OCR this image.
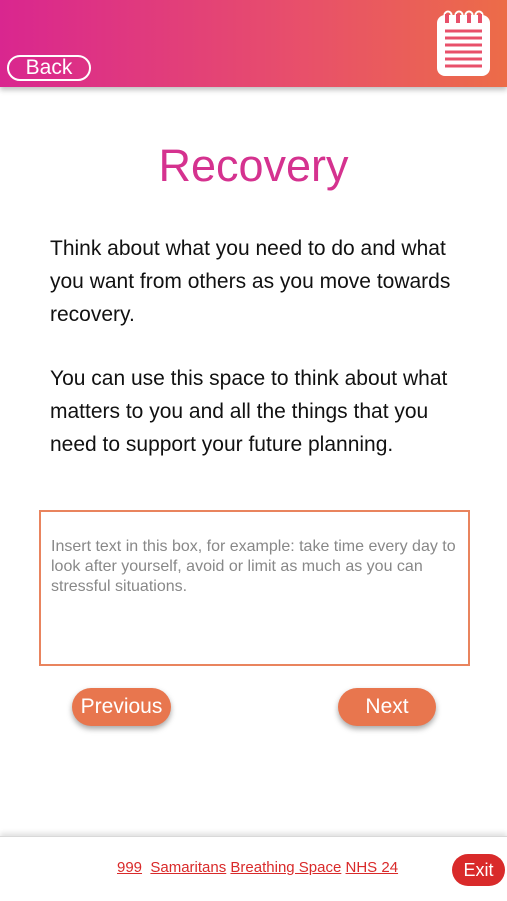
Back
Recovery

Think about what you need to do and what you want from others as you move towards recovery.

You can use this space to think about what matters to you and all the things that you need to support your future planning.

Insert text in this box, for example: take time every day to look after yourself, avoid or limit as much as you can stressful situations.
Previous	Next
999 Samaritans Breathing Space NHS 24	Exit
